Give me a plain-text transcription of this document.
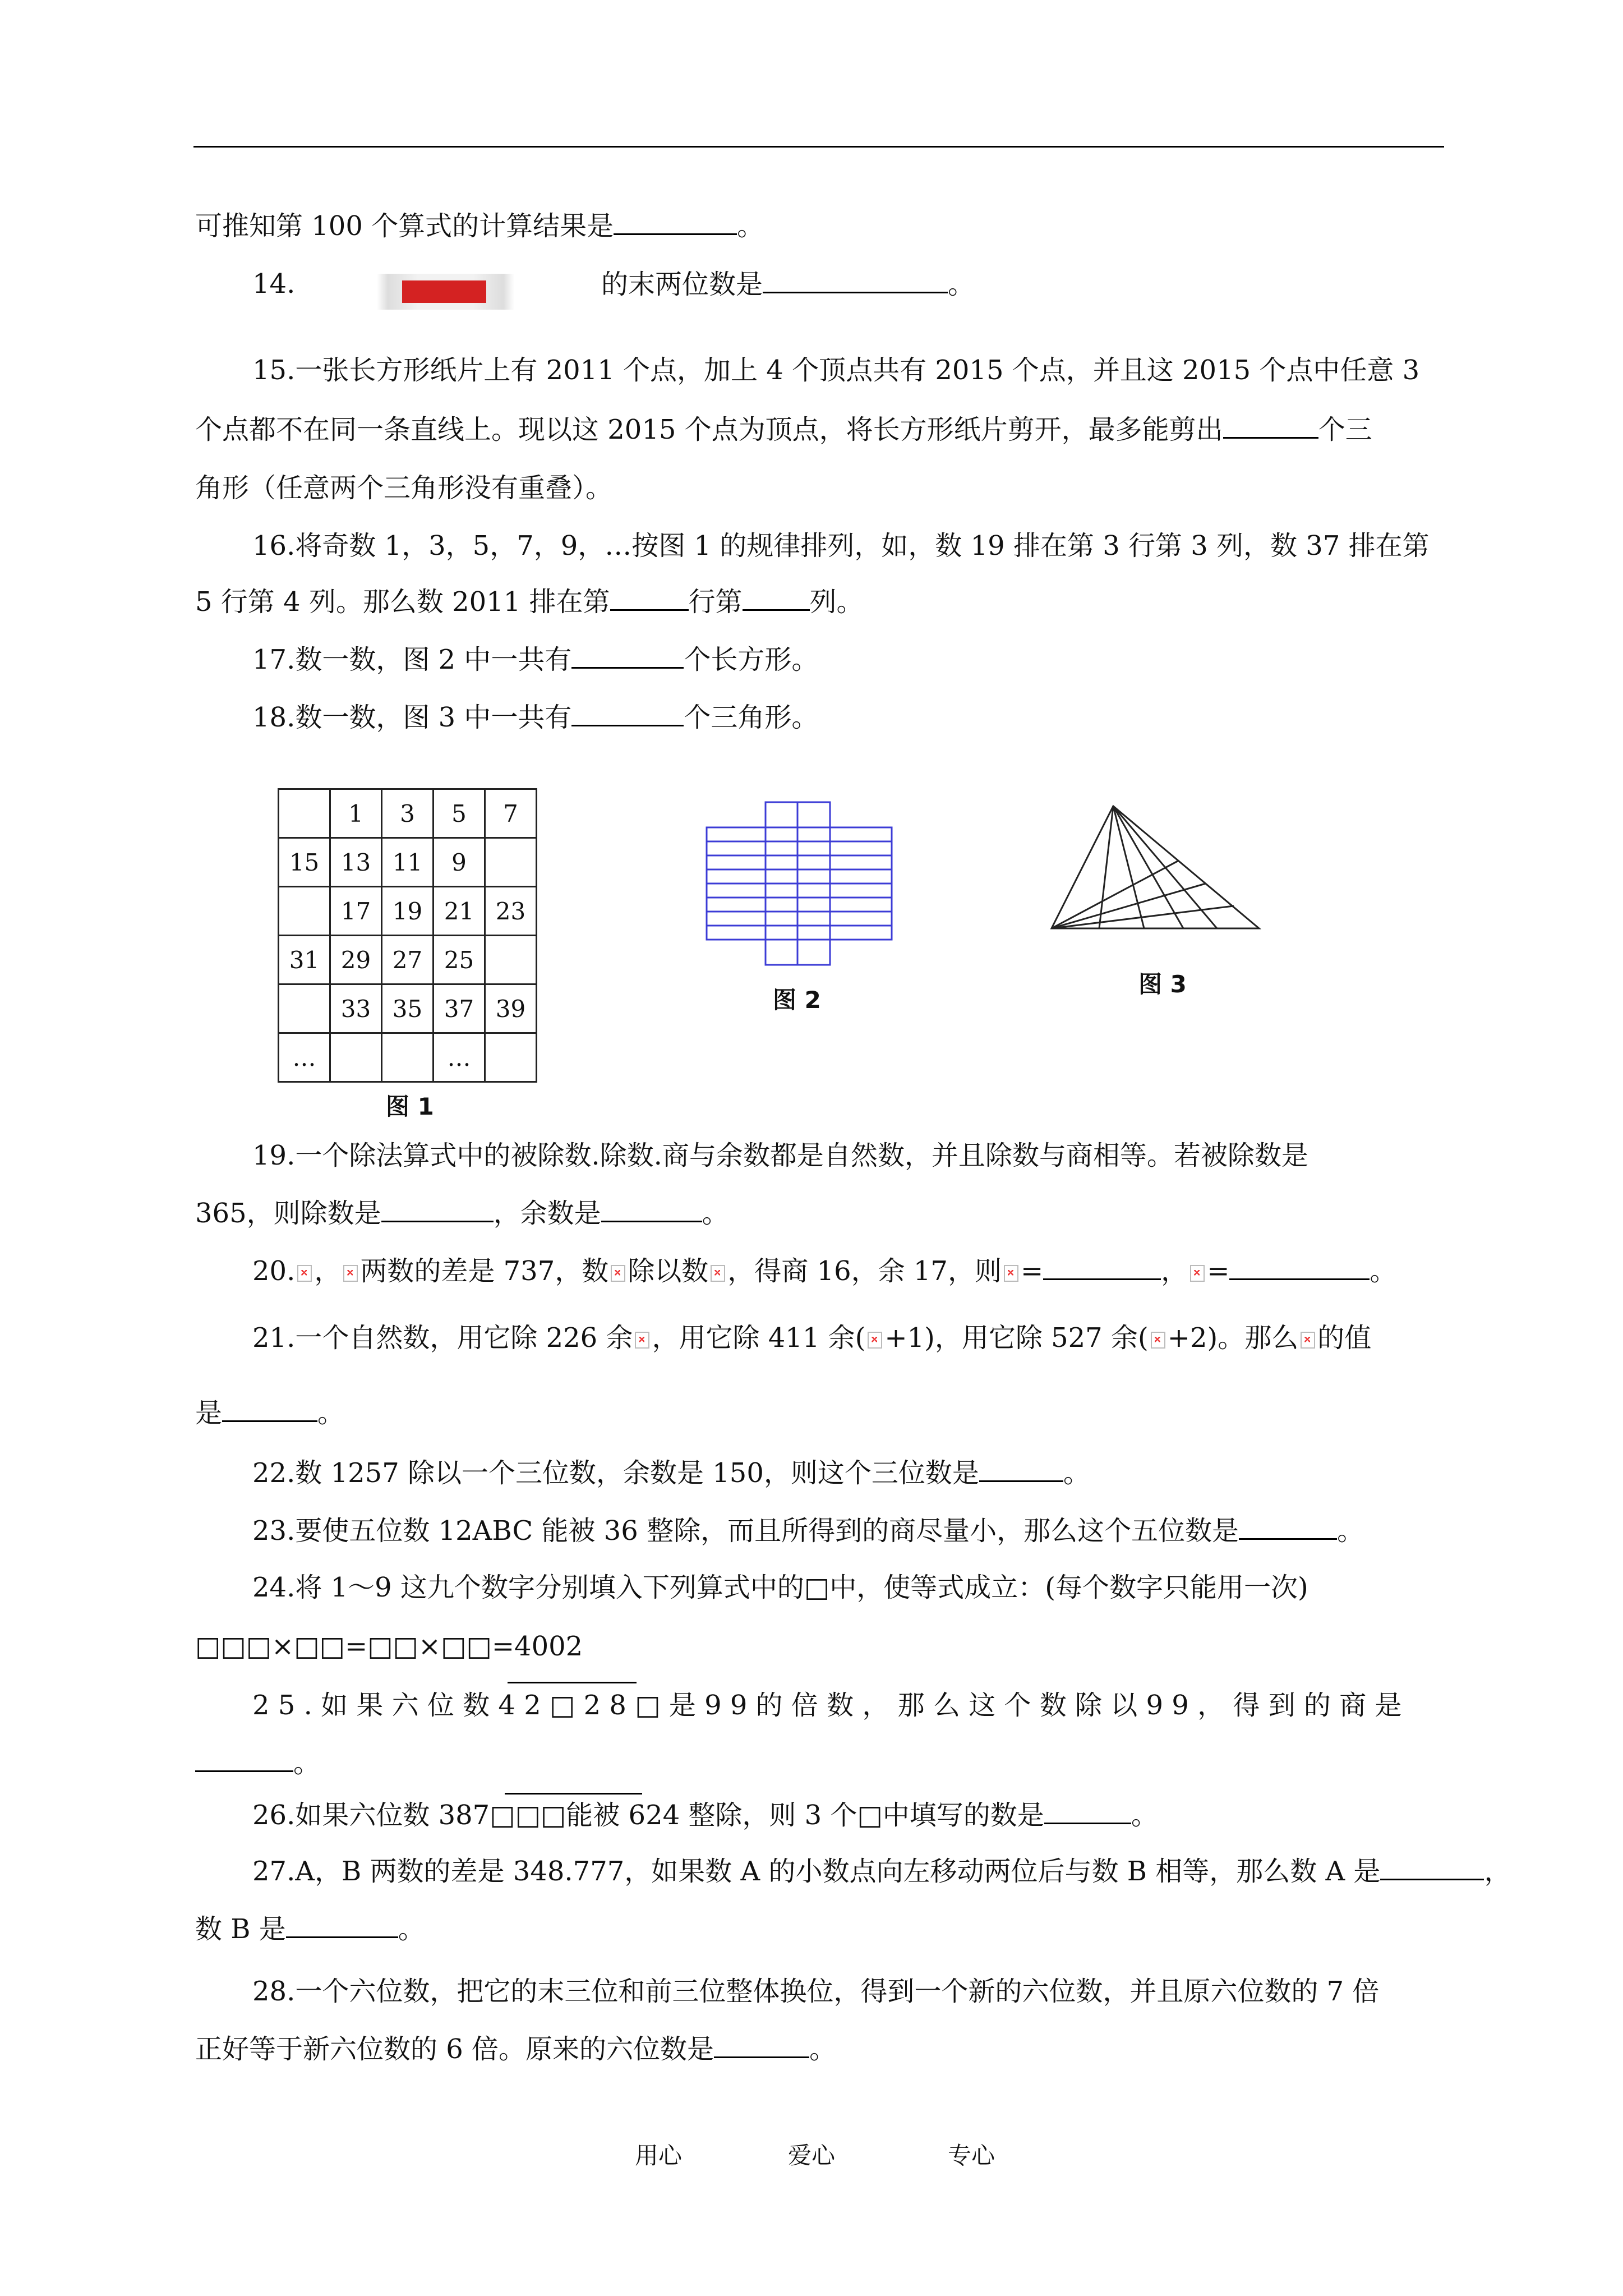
可推知第 100 个算式的计算结果是	。
14.	的末两位数是	。
15.一张长方形纸片上有 2011 个点，加上 4 个顶点共有 2015 个点，并且这 2015 个点中任意 3
个点都不在同一条直线上。现以这 2015 个点为顶点，将长方形纸片剪开，最多能剪出	个三
角形（任意两个三角形没有重叠）。
16.将奇数 1，3，5，7，9，…按图 1 的规律排列，如，数 19 排在第 3 行第 3 列，数 37 排在第
5 行第 4 列。那么数 2011 排在第	行第	列。
17.数一数，图 2 中一共有	个长方形。
18.数一数，图 3 中一共有	个三角形。
	1	3	5	7
15	13	11	9	
	17	19	21	23
31	29	27	25	
	33	35	37	39
…			…	
图 1
图 2
图 3
19.一个除法算式中的被除数.除数.商与余数都是自然数，并且除数与商相等。若被除数是
365，则除数是	，余数是	。
20. ， 两数的差是 737，数 除以数 ，得商 16，余 17，则 =	， =	。
21.一个自然数，用它除 226 余 ，用它除 411 余( +1)，用它除 527 余( +2)。那么 的值
是	。
22.数 1257 除以一个三位数，余数是 150，则这个三位数是	。
23.要使五位数 12ABC 能被 36 整除，而且所得到的商尽量小，那么这个五位数是	。
24.将 1～9 这九个数字分别填入下列算式中的□中，使等式成立：(每个数字只能用一次)
□□□×□□=□□×□□=4002
2 5 . 如 果 六 位 数 4 2 □ 2 8 □ 是 9 9 的 倍 数 ， 那 么 这 个 数 除 以 9 9 ， 得 到 的 商 是
。
26.如果六位数 387□□□能被 624 整除，则 3 个□中填写的数是	。
27.A，B 两数的差是 348.777，如果数 A 的小数点向左移动两位后与数 B 相等，那么数 A 是	，
数 B 是	。
28.一个六位数，把它的末三位和前三位整体换位，得到一个新的六位数，并且原六位数的 7 倍
正好等于新六位数的 6 倍。原来的六位数是	。
用心	爱心	专心
